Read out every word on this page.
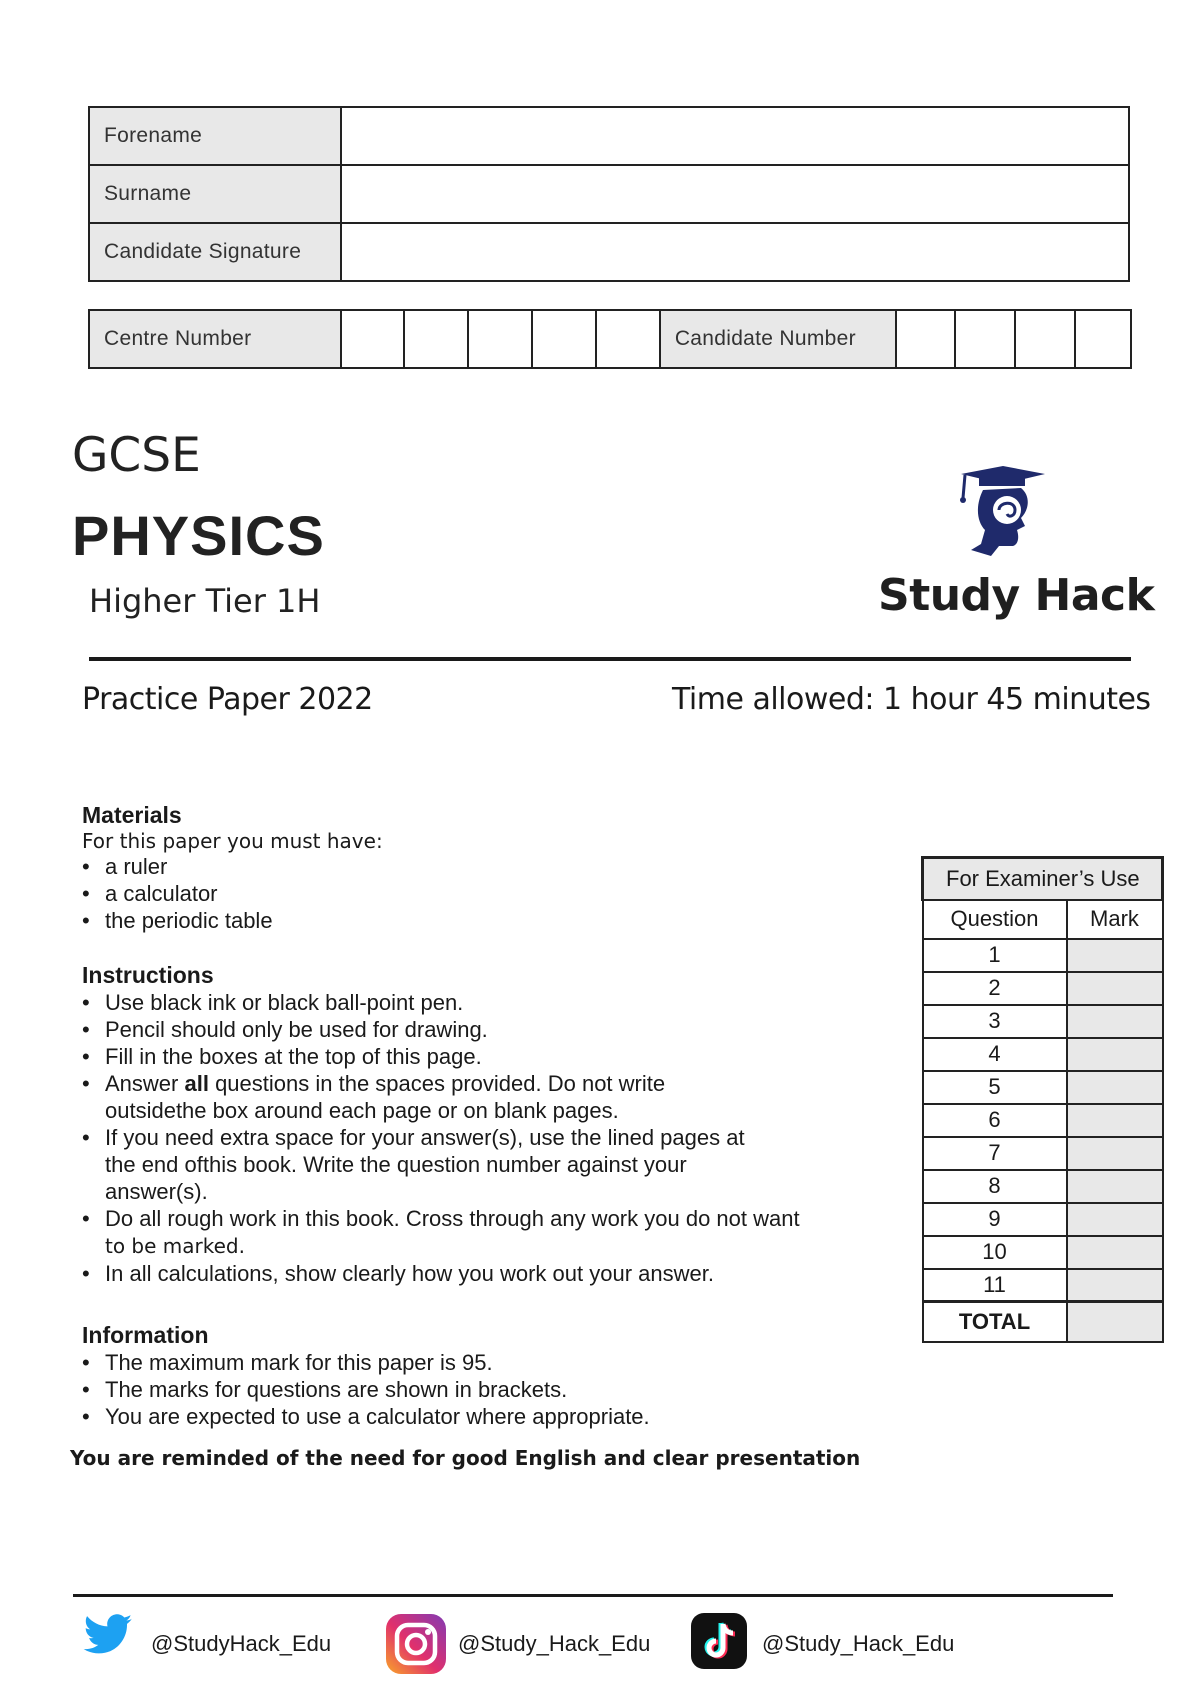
Forename	
Surname	
Candidate Signature	
Centre Number						Candidate Number				
GCSE
PHYSICS
Higher Tier 1H	Study Hack
Practice Paper 2022	Time allowed: 1 hour 45 minutes
Materials
For this paper you must have:
• a ruler
• a calculator
• the periodic table
Instructions
• Use black ink or black ball-point pen.
• Pencil should only be used for drawing.
• Fill in the boxes at the top of this page.
• Answer all questions in the spaces provided. Do not write
outsidethe box around each page or on blank pages.
• If you need extra space for your answer(s), use the lined pages at
the end ofthis book. Write the question number against your
answer(s).
• Do all rough work in this book. Cross through any work you do not want
to be marked.
• In all calculations, show clearly how you work out your answer.
Information
• The maximum mark for this paper is 95.
• The marks for questions are shown in brackets.
• You are expected to use a calculator where appropriate.
You are reminded of the need for good English and clear presentation
For Examiner’s Use	
Question	Mark
1	
2	
3	
4	
5	
6	
7	
8	
9	
10	
11	
TOTAL	
@StudyHack_Edu	@Study_Hack_Edu	@Study_Hack_Edu
